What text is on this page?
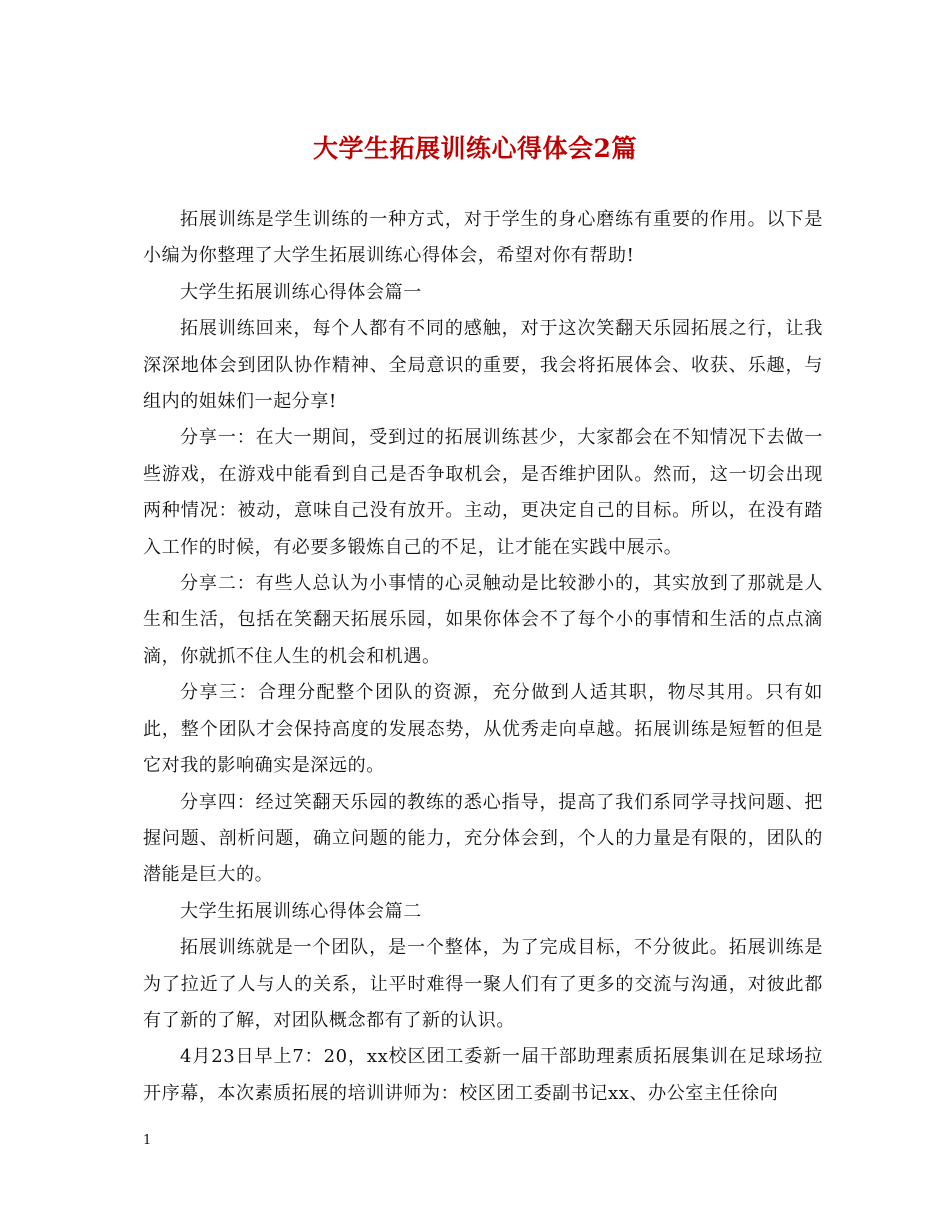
大学生拓展训练心得体会2篇

拓展训练是学生训练的一种方式，对于学生的身心磨练有重要的作用。以下是小编为你整理了大学生拓展训练心得体会，希望对你有帮助!

大学生拓展训练心得体会篇一

拓展训练回来，每个人都有不同的感触，对于这次笑翻天乐园拓展之行，让我深深地体会到团队协作精神、全局意识的重要，我会将拓展体会、收获、乐趣，与组内的姐妹们一起分享!

分享一：在大一期间，受到过的拓展训练甚少，大家都会在不知情况下去做一些游戏，在游戏中能看到自己是否争取机会，是否维护团队。然而，这一切会出现两种情况：被动，意味自己没有放开。主动，更决定自己的目标。所以，在没有踏入工作的时候，有必要多锻炼自己的不足，让才能在实践中展示。

分享二：有些人总认为小事情的心灵触动是比较渺小的，其实放到了那就是人生和生活，包括在笑翻天拓展乐园，如果你体会不了每个小的事情和生活的点点滴滴，你就抓不住人生的机会和机遇。

分享三：合理分配整个团队的资源，充分做到人适其职，物尽其用。只有如此，整个团队才会保持高度的发展态势，从优秀走向卓越。拓展训练是短暂的但是它对我的影响确实是深远的。

分享四：经过笑翻天乐园的教练的悉心指导，提高了我们系同学寻找问题、把握问题、剖析问题，确立问题的能力，充分体会到，个人的力量是有限的，团队的潜能是巨大的。

大学生拓展训练心得体会篇二

拓展训练就是一个团队，是一个整体，为了完成目标，不分彼此。拓展训练是为了拉近了人与人的关系，让平时难得一聚人们有了更多的交流与沟通，对彼此都有了新的了解，对团队概念都有了新的认识。

4月23日早上7：20，xx校区团工委新一届干部助理素质拓展集训在足球场拉开序幕，本次素质拓展的培训讲师为：校区团工委副书记xx、办公室主任徐向

1
